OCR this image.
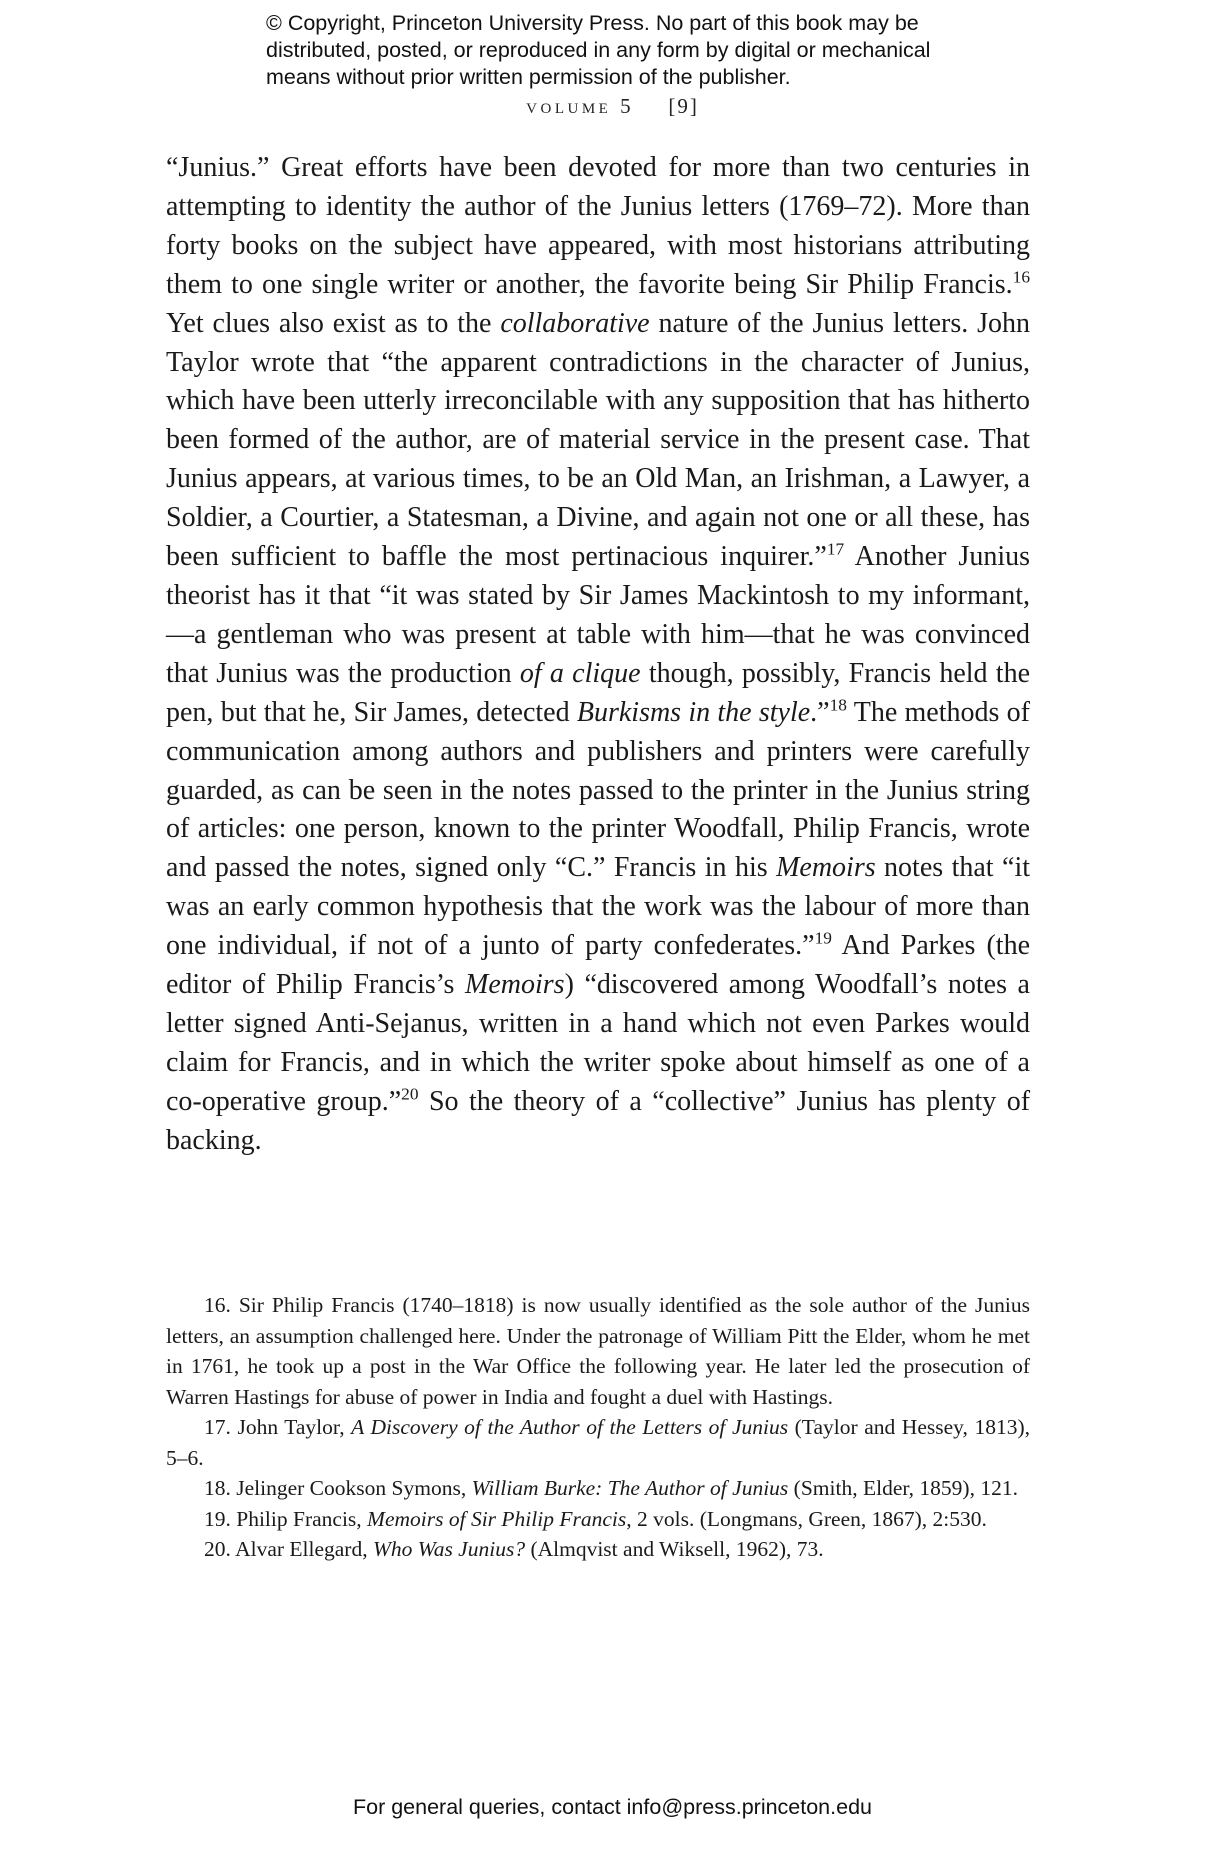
© Copyright, Princeton University Press. No part of this book may be
distributed, posted, or reproduced in any form by digital or mechanical
means without prior written permission of the publisher.
volume 5 [9]

“Junius.” Great efforts have been devoted for more than two centuries in attempting to identity the author of the Junius letters (1769–72). More than forty books on the subject have appeared, with most historians attributing them to one single writer or another, the favorite being Sir Philip Francis.$^{16}$ Yet clues also exist as to the collaborative nature of the Junius letters. John Taylor wrote that “the apparent contradictions in the character of Junius, which have been utterly irreconcilable with any supposition that has hitherto been formed of the author, are of material service in the present case. That Junius appears, at various times, to be an Old Man, an Irishman, a Lawyer, a Soldier, a Courtier, a Statesman, a Divine, and again not one or all these, has been sufficient to baffle the most pertinacious inquirer.”$^{17}$ Another Junius theorist has it that “it was stated by Sir James Mackintosh to my informant,—a gentleman who was present at table with him—that he was convinced that Junius was the production of a clique though, possibly, Francis held the pen, but that he, Sir James, detected Burkisms in the style.”$^{18}$ The methods of communication among authors and publishers and printers were carefully guarded, as can be seen in the notes passed to the printer in the Junius string of articles: one person, known to the printer Woodfall, Philip Francis, wrote and passed the notes, signed only “C.” Francis in his Memoirs notes that “it was an early common hypothesis that the work was the labour of more than one individual, if not of a junto of party confederates.”$^{19}$ And Parkes (the editor of Philip Francis’s Memoirs) “discovered among Woodfall’s notes a letter signed Anti-Sejanus, written in a hand which not even Parkes would claim for Francis, and in which the writer spoke about himself as one of a co-operative group.”$^{20}$ So the theory of a “collective” Junius has plenty of backing.

16. Sir Philip Francis (1740–1818) is now usually identified as the sole author of the Junius letters, an assumption challenged here. Under the patronage of William Pitt the Elder, whom he met in 1761, he took up a post in the War Office the following year. He later led the prosecution of Warren Hastings for abuse of power in India and fought a duel with Hastings.

17. John Taylor, A Discovery of the Author of the Letters of Junius (Taylor and Hessey, 1813), 5–6.

18. Jelinger Cookson Symons, William Burke: The Author of Junius (Smith, Elder, 1859), 121.

19. Philip Francis, Memoirs of Sir Philip Francis, 2 vols. (Longmans, Green, 1867), 2:530.

20. Alvar Ellegard, Who Was Junius? (Almqvist and Wiksell, 1962), 73.

For general queries, contact info@press.princeton.edu
